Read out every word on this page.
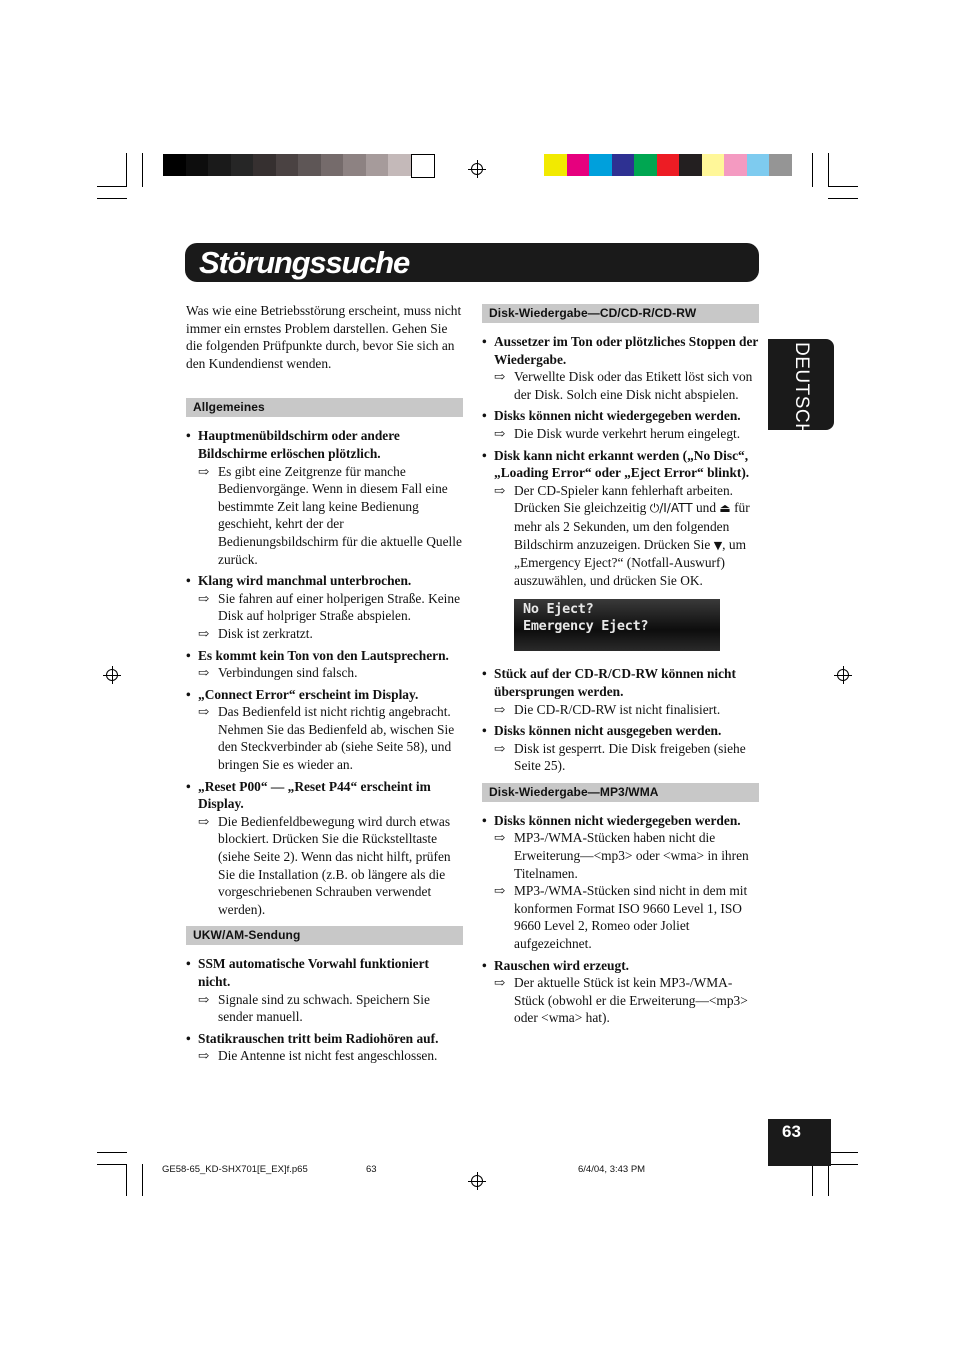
Störungssuche
DEUTSCH

Was wie eine Betriebsstörung erscheint, muss nicht immer ein ernstes Problem darstellen. Gehen Sie die folgenden Prüfpunkte durch, bevor Sie sich an den Kundendienst wenden.

Allgemeines
• Hauptmenübildschirm oder andere Bildschirme erlöschen plötzlich.
⇨ Es gibt eine Zeitgrenze für manche Bedienvorgänge. Wenn in diesem Fall eine bestimmte Zeit lang keine Bedienung geschieht, kehrt der der Bedienungsbildschirm für die aktuelle Quelle zurück.
• Klang wird manchmal unterbrochen.
⇨ Sie fahren auf einer holperigen Straße. Keine Disk auf holpriger Straße abspielen.
⇨ Disk ist zerkratzt.
• Es kommt kein Ton von den Lautsprechern.
⇨ Verbindungen sind falsch.
• „Connect Error“ erscheint im Display.
⇨ Das Bedienfeld ist nicht richtig angebracht. Nehmen Sie das Bedienfeld ab, wischen Sie den Steckverbinder ab (siehe Seite 58), und bringen Sie es wieder an.
• „Reset P00“ — „Reset P44“ erscheint im Display.
⇨ Die Bedienfeldbewegung wird durch etwas blockiert. Drücken Sie die Rückstelltaste (siehe Seite 2). Wenn das nicht hilft, prüfen Sie die Installation (z.B. ob längere als die vorgeschriebenen Schrauben verwendet werden).
UKW/AM-Sendung
• SSM automatische Vorwahl funktioniert nicht.
⇨ Signale sind zu schwach. Speichern Sie sender manuell.
• Statikrauschen tritt beim Radiohören auf.
⇨ Die Antenne ist nicht fest angeschlossen.
Disk-Wiedergabe—CD/CD-R/CD-RW
• Aussetzer im Ton oder plötzliches Stoppen der Wiedergabe.
⇨ Verwellte Disk oder das Etikett löst sich von der Disk. Solch eine Disk nicht abspielen.
• Disks können nicht wiedergegeben werden.
⇨ Die Disk wurde verkehrt herum eingelegt.
• Disk kann nicht erkannt werden („No Disc“, „Loading Error“ oder „Eject Error“ blinkt).
⇨ Der CD-Spieler kann fehlerhaft arbeiten. Drücken Sie gleichzeitig ⏻/I/ATT und ⏏ für mehr als 2 Sekunden, um den folgenden Bildschirm anzuzeigen. Drücken Sie ▼, um „Emergency Eject?“ (Notfall-Auswurf) auszuwählen, und drücken Sie OK.
No Eject?
Emergency Eject?
• Stück auf der CD-R/CD-RW können nicht übersprungen werden.
⇨ Die CD-R/CD-RW ist nicht finalisiert.
• Disks können nicht ausgegeben werden.
⇨ Disk ist gesperrt. Die Disk freigeben (siehe Seite 25).
Disk-Wiedergabe—MP3/WMA
• Disks können nicht wiedergegeben werden.
⇨ MP3-/WMA-Stücken haben nicht die Erweiterung—<mp3> oder <wma> in ihren Titelnamen.
⇨ MP3-/WMA-Stücken sind nicht in dem mit konformen Format ISO 9660 Level 1, ISO 9660 Level 2, Romeo oder Joliet aufgezeichnet.
• Rauschen wird erzeugt.
⇨ Der aktuelle Stück ist kein MP3-/WMA-Stück (obwohl er die Erweiterung—<mp3> oder <wma> hat).
63
GE58-65_KD-SHX701[E_EX]f.p65	63	6/4/04, 3:43 PM
